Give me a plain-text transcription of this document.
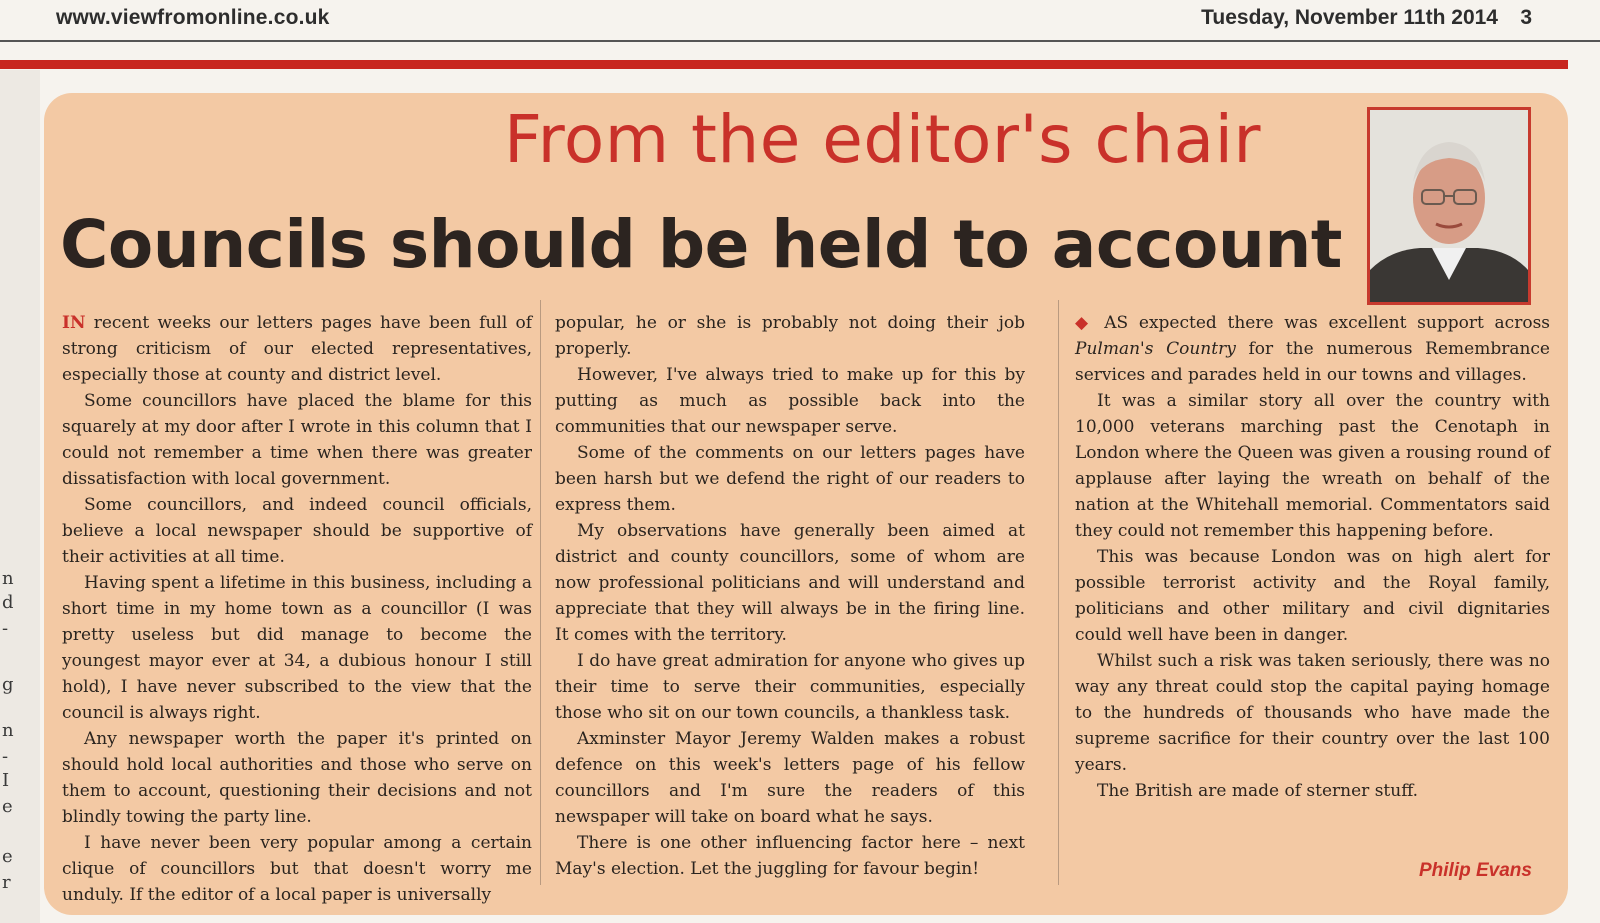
www.viewfromonline.co.uk	Tuesday, November 11th 2014 3
n
d
-
g
n
-
I
e
e
r
From the editor's chair
Councils should be held to account

IN recent weeks our letters pages have been full of strong criticism of our elected representatives, especially those at county and district level.

Some councillors have placed the blame for this squarely at my door after I wrote in this column that I could not remember a time when there was greater dissatisfaction with local government.

Some councillors, and indeed council officials, believe a local newspaper should be supportive of their activities at all time.

Having spent a lifetime in this business, including a short time in my home town as a councillor (I was pretty useless but did manage to become the youngest mayor ever at 34, a dubious honour I still hold), I have never subscribed to the view that the council is always right.

Any newspaper worth the paper it's printed on should hold local authorities and those who serve on them to account, questioning their decisions and not blindly towing the party line.

I have never been very popular among a certain clique of councillors but that doesn't worry me unduly. If the editor of a local paper is universally

popular, he or she is probably not doing their job properly.

However, I've always tried to make up for this by putting as much as possible back into the communities that our newspaper serve.

Some of the comments on our letters pages have been harsh but we defend the right of our readers to express them.

My observations have generally been aimed at district and county councillors, some of whom are now professional politicians and will understand and appreciate that they will always be in the firing line. It comes with the territory.

I do have great admiration for anyone who gives up their time to serve their communities, especially those who sit on our town councils, a thankless task.

Axminster Mayor Jeremy Walden makes a robust defence on this week's letters page of his fellow councillors and I'm sure the readers of this newspaper will take on board what he says.

There is one other influencing factor here – next May's election. Let the juggling for favour begin!

◆ AS expected there was excellent support across Pulman's Country for the numerous Remembrance services and parades held in our towns and villages.

It was a similar story all over the country with 10,000 veterans marching past the Cenotaph in London where the Queen was given a rousing round of applause after laying the wreath on behalf of the nation at the Whitehall memorial. Commentators said they could not remember this happening before.

This was because London was on high alert for possible terrorist activity and the Royal family, politicians and other military and civil dignitaries could well have been in danger.

Whilst such a risk was taken seriously, there was no way any threat could stop the capital paying homage to the hundreds of thousands who have made the supreme sacrifice for their country over the last 100 years.

The British are made of sterner stuff.

Philip Evans
